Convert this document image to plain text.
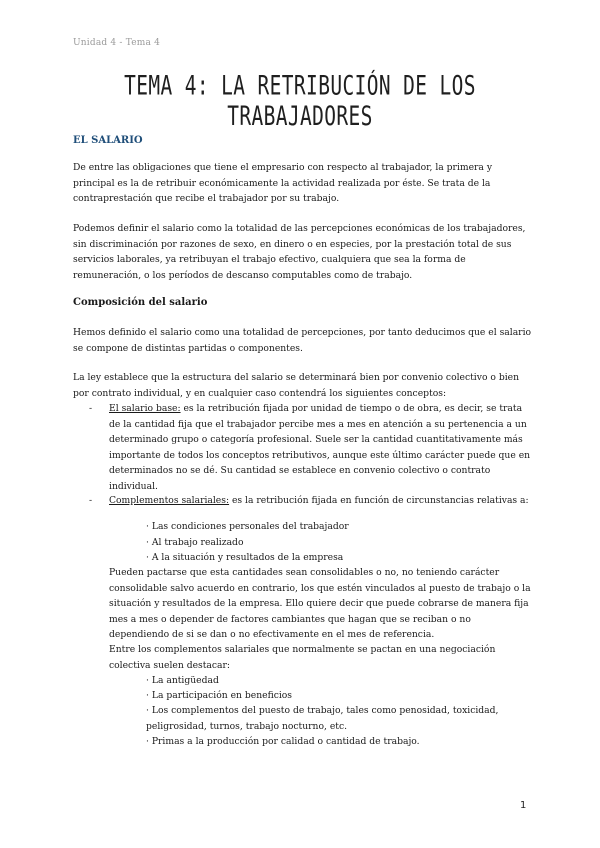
Unidad 4 - Tema 4
TEMA 4: LA RETRIBUCIÓN DE LOS TRABAJADORES
EL SALARIO

De entre las obligaciones que tiene el empresario con respecto al trabajador, la primera y principal es la de retribuir económicamente la actividad realizada por éste. Se trata de la contraprestación que recibe el trabajador por su trabajo.

Podemos definir el salario como la totalidad de las percepciones económicas de los trabajadores, sin discriminación por razones de sexo, en dinero o en especies, por la prestación total de sus servicios laborales, ya retribuyan el trabajo efectivo, cualquiera que sea la forma de remuneración, o los períodos de descanso computables como de trabajo.

Composición del salario

Hemos definido el salario como una totalidad de percepciones, por tanto deducimos que el salario se compone de distintas partidas o componentes.

La ley establece que la estructura del salario se determinará bien por convenio colectivo o bien por contrato individual, y en cualquier caso contendrá los siguientes conceptos:

- El salario base: es la retribución fijada por unidad de tiempo o de obra, es decir, se trata de la cantidad fija que el trabajador percibe mes a mes en atención a su pertenencia a un determinado grupo o categoría profesional. Suele ser la cantidad cuantitativamente más importante de todos los conceptos retributivos, aunque este último carácter puede que en determinados no se dé. Su cantidad se establece en convenio colectivo o contrato individual.
- Complementos salariales: es la retribución fijada en función de circunstancias relativas a:
· Las condiciones personales del trabajador
· Al trabajo realizado
· A la situación y resultados de la empresa

Pueden pactarse que esta cantidades sean consolidables o no, no teniendo carácter consolidable salvo acuerdo en contrario, los que estén vinculados al puesto de trabajo o la situación y resultados de la empresa. Ello quiere decir que puede cobrarse de manera fija mes a mes o depender de factores cambiantes que hagan que se reciban o no dependiendo de si se dan o no efectivamente en el mes de referencia.

Entre los complementos salariales que normalmente se pactan en una negociación colectiva suelen destacar:

· La antigüedad
· La participación en beneficios
· Los complementos del puesto de trabajo, tales como penosidad, toxicidad, peligrosidad, turnos, trabajo nocturno, etc.
· Primas a la producción por calidad o cantidad de trabajo.
1
